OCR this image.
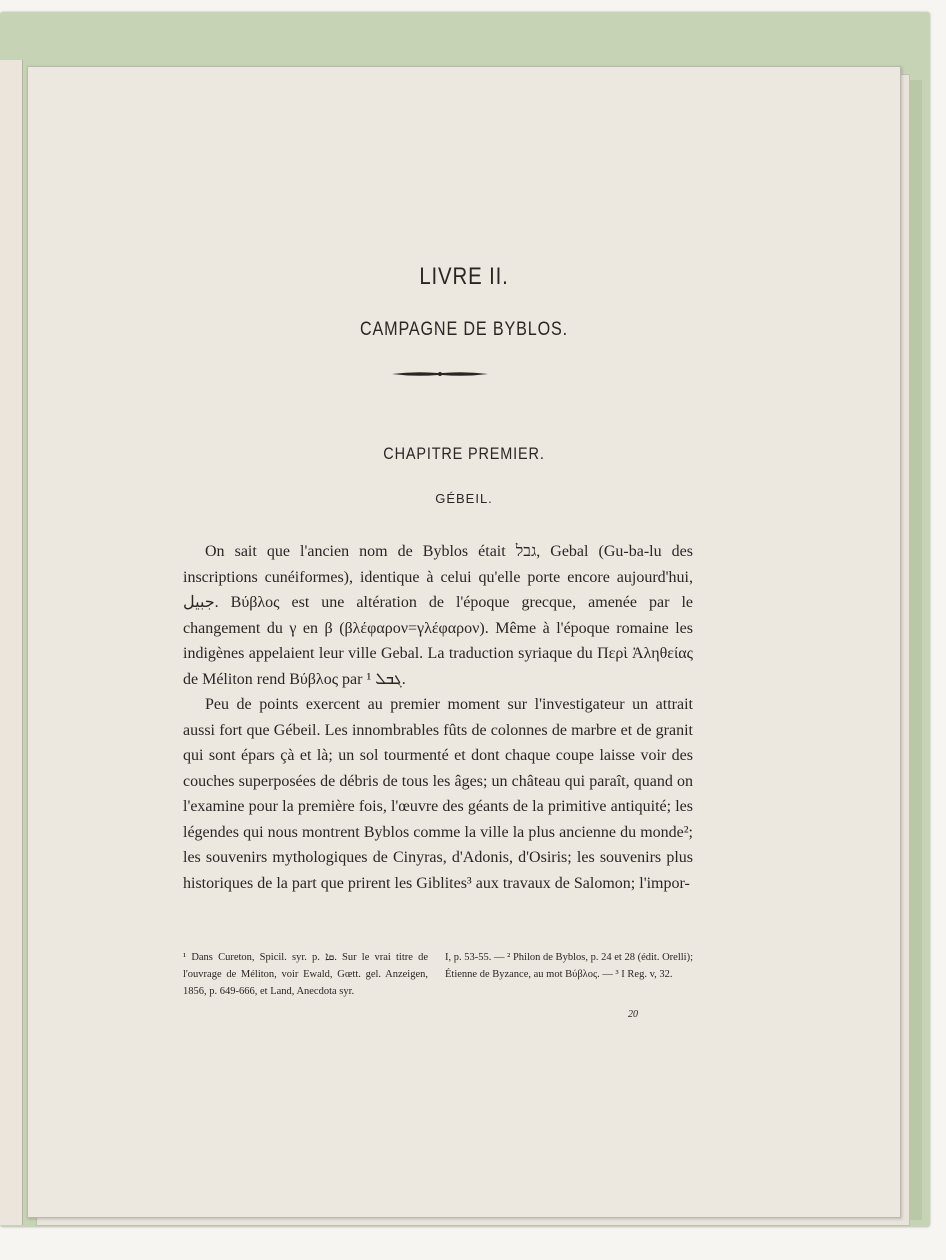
LIVRE II.
CAMPAGNE DE BYBLOS.
CHAPITRE PREMIER.
GÉBEIL.

On sait que l'ancien nom de Byblos était גבל, Gebal (Gu-ba-lu des inscriptions cunéiformes), identique à celui qu'elle porte encore aujourd'hui, جبيل. Βύβλος est une altération de l'époque grecque, amenée par le changement du γ en β (βλέφαρον=γλέφαρον). Même à l'époque romaine les indigènes appelaient leur ville Gebal. La traduction syriaque du Περὶ Ἀληθείας de Méliton rend Βύβλος par ܓܒܠ ¹.

Peu de points exercent au premier moment sur l'investigateur un attrait aussi fort que Gébeil. Les innombrables fûts de colonnes de marbre et de granit qui sont épars çà et là; un sol tourmenté et dont chaque coupe laisse voir des couches superposées de débris de tous les âges; un château qui paraît, quand on l'examine pour la première fois, l'œuvre des géants de la primitive antiquité; les légendes qui nous montrent Byblos comme la ville la plus ancienne du monde²; les souvenirs mythologiques de Cinyras, d'Adonis, d'Osiris; les souvenirs plus historiques de la part que prirent les Giblites³ aux travaux de Salomon; l'impor-

¹ Dans Cureton, Spicil. syr. p. ܩܐ. Sur le vrai titre de l'ouvrage de Méliton, voir Ewald, Gœtt. gel. Anzeigen, 1856, p. 649-666, et Land, Anecdota syr.

I, p. 53-55. — ² Philon de Byblos, p. 24 et 28 (édit. Orelli); Étienne de Byzance, au mot Βύβλος. — ³ I Reg. v, 32.

20
